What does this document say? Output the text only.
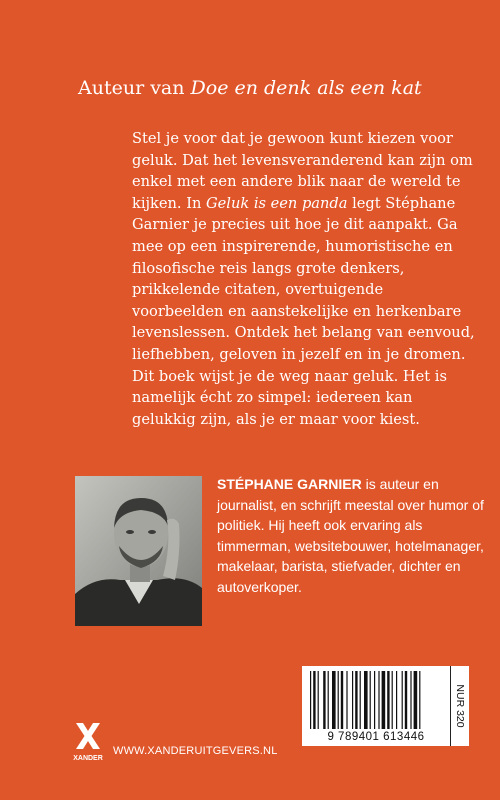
Auteur van Doe en denk als een kat

Stel je voor dat je gewoon kunt kiezen voor geluk. Dat het levensveranderend kan zijn om enkel met een andere blik naar de wereld te kijken. In Geluk is een panda legt Stéphane Garnier je precies uit hoe je dit aanpakt. Ga mee op een inspirerende, humoristische en filosofische reis langs grote denkers, prikkelende citaten, overtuigende voorbeelden en aanstekelijke en herkenbare levenslessen. Ontdek het belang van eenvoud, liefhebben, geloven in jezelf en in je dromen. Dit boek wijst je de weg naar geluk. Het is namelijk écht zo simpel: iedereen kan gelukkig zijn, als je er maar voor kiest.

STÉPHANE GARNIER is auteur en journalist, en schrijft meestal over humor of politiek. Hij heeft ook ervaring als timmerman, websitebouwer, hotelmanager, makelaar, barista, stiefvader, dichter en autoverkoper.

XANDER
WWW.XANDERUITGEVERS.NL
9 789401 613446
NUR 320
